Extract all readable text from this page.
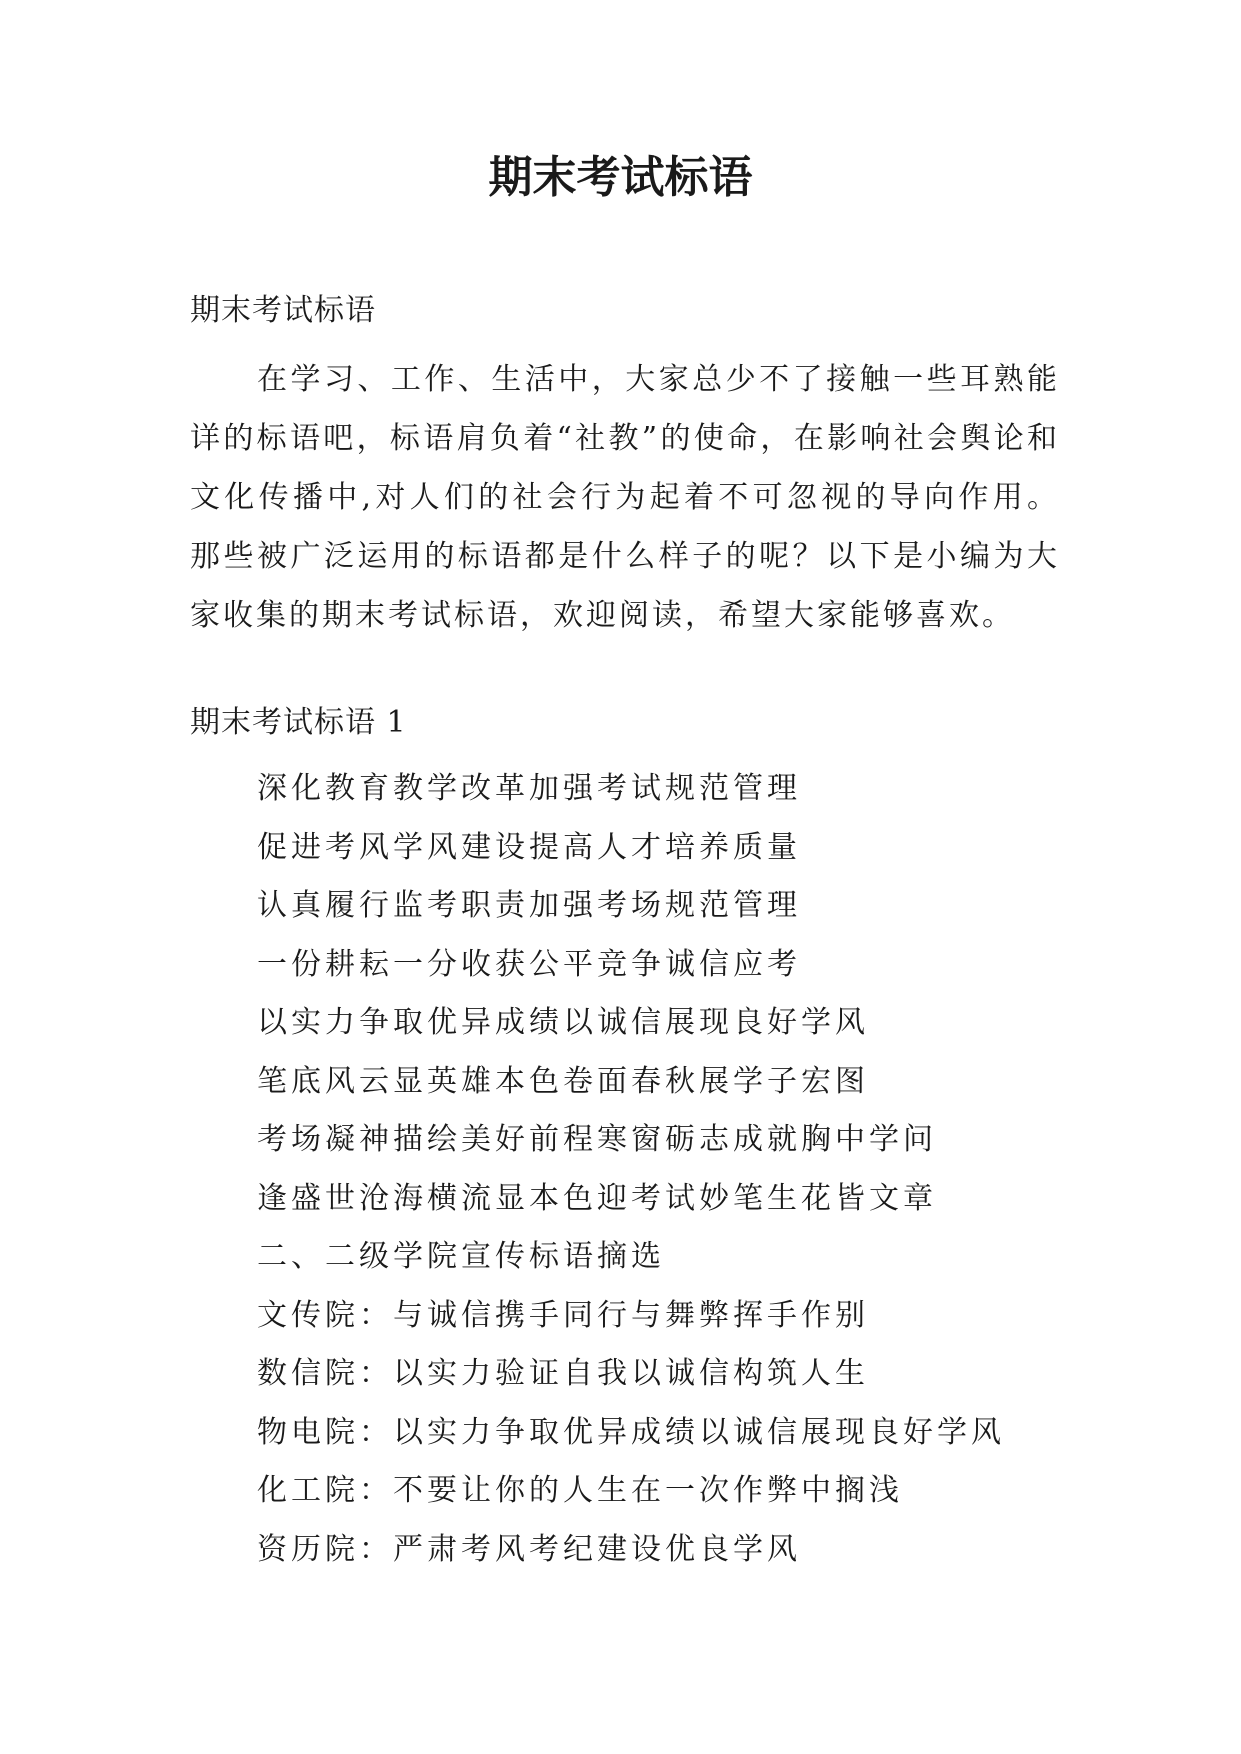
期末考试标语

期末考试标语

在学习、工作、生活中，大家总少不了接触一些耳熟能详的标语吧，标语肩负着“社教”的使命，在影响社会舆论和文化传播中,对人们的社会行为起着不可忽视的导向作用。那些被广泛运用的标语都是什么样子的呢？以下是小编为大家收集的期末考试标语，欢迎阅读，希望大家能够喜欢。

期末考试标语 1

深化教育教学改革加强考试规范管理
促进考风学风建设提高人才培养质量
认真履行监考职责加强考场规范管理
一份耕耘一分收获公平竞争诚信应考
以实力争取优异成绩以诚信展现良好学风
笔底风云显英雄本色卷面春秋展学子宏图
考场凝神描绘美好前程寒窗砺志成就胸中学问
逢盛世沧海横流显本色迎考试妙笔生花皆文章
二、二级学院宣传标语摘选
文传院：与诚信携手同行与舞弊挥手作别
数信院：以实力验证自我以诚信构筑人生
物电院：以实力争取优异成绩以诚信展现良好学风
化工院：不要让你的人生在一次作弊中搁浅
资历院：严肃考风考纪建设优良学风
